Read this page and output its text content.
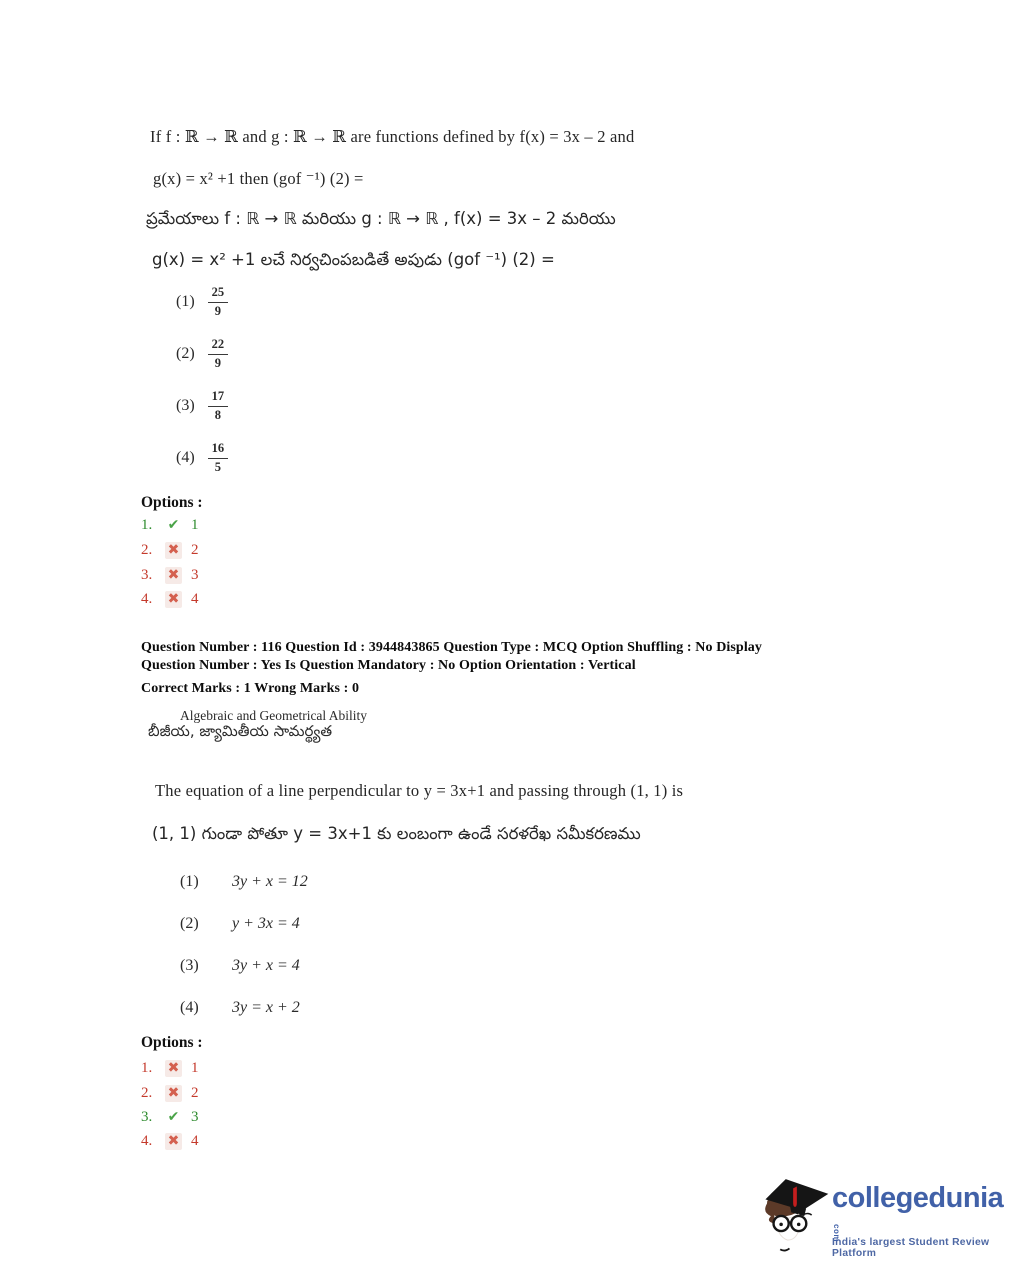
If f : ℝ → ℝ and g : ℝ → ℝ are functions defined by f(x) = 3x – 2 and
g(x) = x² +1 then (gof ⁻¹) (2) =
ప్రమేయాలు f : ℝ → ℝ మరియు g : ℝ → ℝ , f(x) = 3x – 2 మరియు
g(x) = x² +1 లచే నిర్వచింపబడితే అపుడు (gof ⁻¹) (2) =
$(1) \frac{25}{9}$
$(2) \frac{22}{9}$
$(3) \frac{17}{8}$
$(4) \frac{16}{5}$
Options :
1.	✔ 1
2.	✖ 2
3.	✖ 3
4.	✖ 4
Question Number : 116 Question Id : 3944843865 Question Type : MCQ Option Shuffling : No Display
Question Number : Yes Is Question Mandatory : No Option Orientation : Vertical
Correct Marks : 1 Wrong Marks : 0
Algebraic and Geometrical Ability
బీజీయ, జ్యామితీయ సామర్థ్యత
The equation of a line perpendicular to y = 3x+1 and passing through (1, 1) is
(1, 1) గుండా పోతూ y = 3x+1 కు లంబంగా ఉండే సరళరేఖ సమీకరణము
(1) 3y + x = 12
(2) y + 3x = 4
(3) 3y + x = 4
(4) 3y = x + 2
Options :
1.	✖ 1
2.	✖ 2
3.	✔ 3
4.	✖ 4
collegeduniacom
India's largest Student Review Platform
